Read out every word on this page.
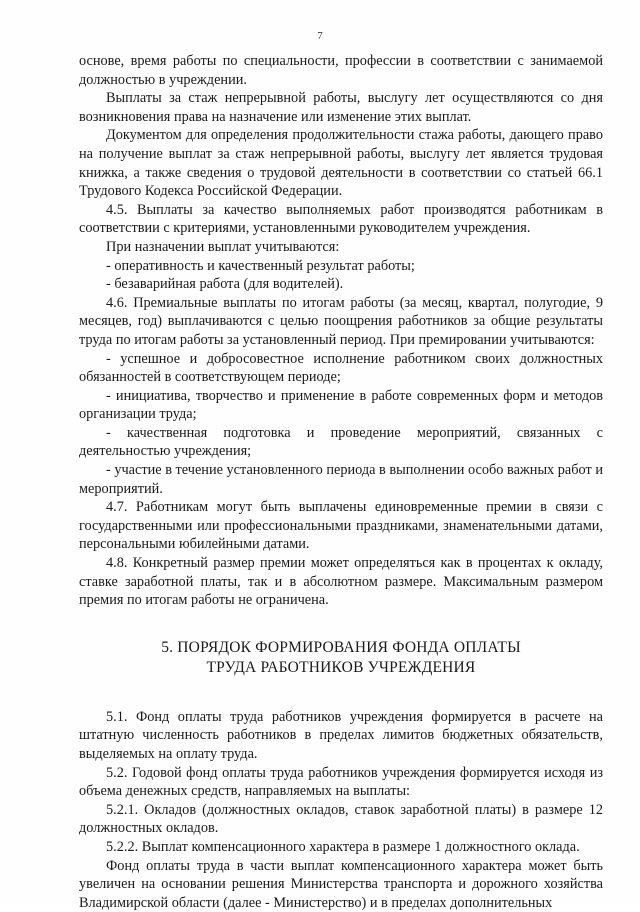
7

основе, время работы по специальности, профессии в соответствии с занимаемой должностью в учреждении.

Выплаты за стаж непрерывной работы, выслугу лет осуществляются со дня возникновения права на назначение или изменение этих выплат.

Документом для определения продолжительности стажа работы, дающего право на получение выплат за стаж непрерывной работы, выслугу лет является трудовая книжка, а также сведения о трудовой деятельности в соответствии со статьей 66.1 Трудового Кодекса Российской Федерации.

4.5. Выплаты за качество выполняемых работ производятся работникам в соответствии с критериями, установленными руководителем учреждения.

При назначении выплат учитываются:

- оперативность и качественный результат работы;

- безаварийная работа (для водителей).

4.6. Премиальные выплаты по итогам работы (за месяц, квартал, полугодие, 9 месяцев, год) выплачиваются с целью поощрения работников за общие результаты труда по итогам работы за установленный период. При премировании учитываются:

- успешное и добросовестное исполнение работником своих должностных обязанностей в соответствующем периоде;

- инициатива, творчество и применение в работе современных форм и методов организации труда;

- качественная подготовка и проведение мероприятий, связанных с деятельностью учреждения;

- участие в течение установленного периода в выполнении особо важных работ и мероприятий.

4.7. Работникам могут быть выплачены единовременные премии в связи с государственными или профессиональными праздниками, знаменательными датами, персональными юбилейными датами.

4.8. Конкретный размер премии может определяться как в процентах к окладу, ставке заработной платы, так и в абсолютном размере. Максимальным размером премия по итогам работы не ограничена.

5. ПОРЯДОК ФОРМИРОВАНИЯ ФОНДА ОПЛАТЫ
ТРУДА РАБОТНИКОВ УЧРЕЖДЕНИЯ

5.1. Фонд оплаты труда работников учреждения формируется в расчете на штатную численность работников в пределах лимитов бюджетных обязательств, выделяемых на оплату труда.

5.2. Годовой фонд оплаты труда работников учреждения формируется исходя из объема денежных средств, направляемых на выплаты:

5.2.1. Окладов (должностных окладов, ставок заработной платы) в размере 12 должностных окладов.

5.2.2. Выплат компенсационного характера в размере 1 должностного оклада.

Фонд оплаты труда в части выплат компенсационного характера может быть увеличен на основании решения Министерства транспорта и дорожного хозяйства Владимирской области (далее - Министерство) и в пределах дополнительных
